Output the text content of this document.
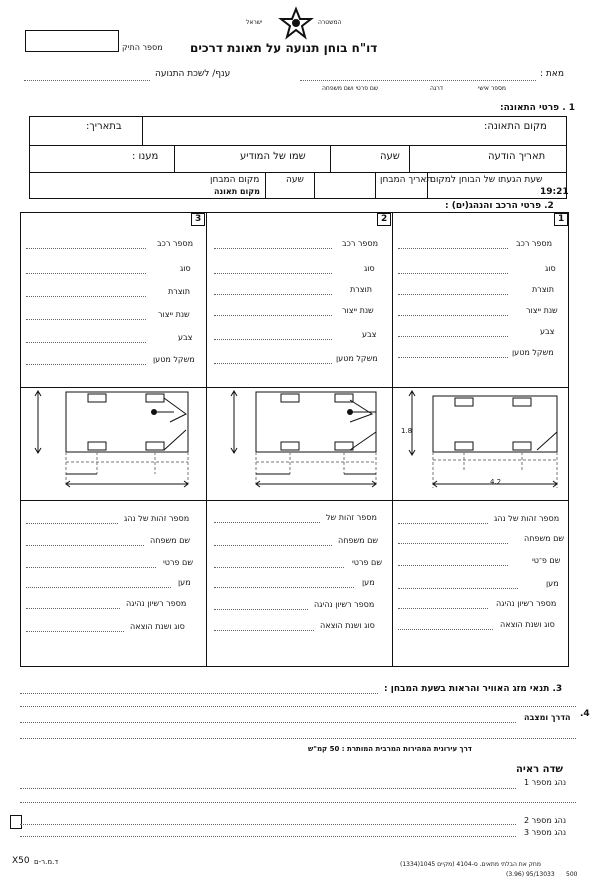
מספר התיק
ישראל	המשטרה
דו"ח בוחן תנועה על תאונת דרכים
מאת :
ענף/ לשכת התנועה
מספר אישי
דרגה
שם פרטי ושם משפחה
1 . פרטי התאונה:
מקום התאונה:
בתאריך:
תאריך הודעה
שעה
שמו של המודיע
מענו :
שעת הגעתו של הבוחן למקום
19:21
תאריך המבחן
שעה
מקום המבחן
מקום תאונה
2. פרטי הרכב והנהג(ים) :
1
2
3
מספר רכב
סוג
תוצרת
שנת ייצור
צבע
משקל מטען
מספר רכב
סוג
תוצרת
שנת ייצור
צבע
משקל מטען
מספר רכב
סוג
תוצרת
שנת ייצור
צבע
משקל מטען
1.8
4.2
מספר זהות של נהג
שם משפחה
שם פ־טי
מען
מספר רשיון נהיגה
סוג ושנת הוצאה
מספר זהות של
שם משפחה
שם פרטי
מען
מספר רשיון נהיגה
סוג ושנת הוצאה
מספר זהות של נהג
שם משפחה
שם פרטי
מען
מספר רשיון נהיגה
סוג ושנת הוצאה
3. תנאי מזג האוויר והראות בשעת המבחן :
4.
הדרך ומצבה
דרך עירונית המהירות המרבית המותרת : 50 קמ"ש
שדה ראיה
נהג מספר 1
נהג מספר 2
נהג מספר 3
X50 ד.מ.ר-ם	מחק את הבלתי מתאים. ס-4104 (מקיים 1045(1334)
95/13033 (3.96) 500
